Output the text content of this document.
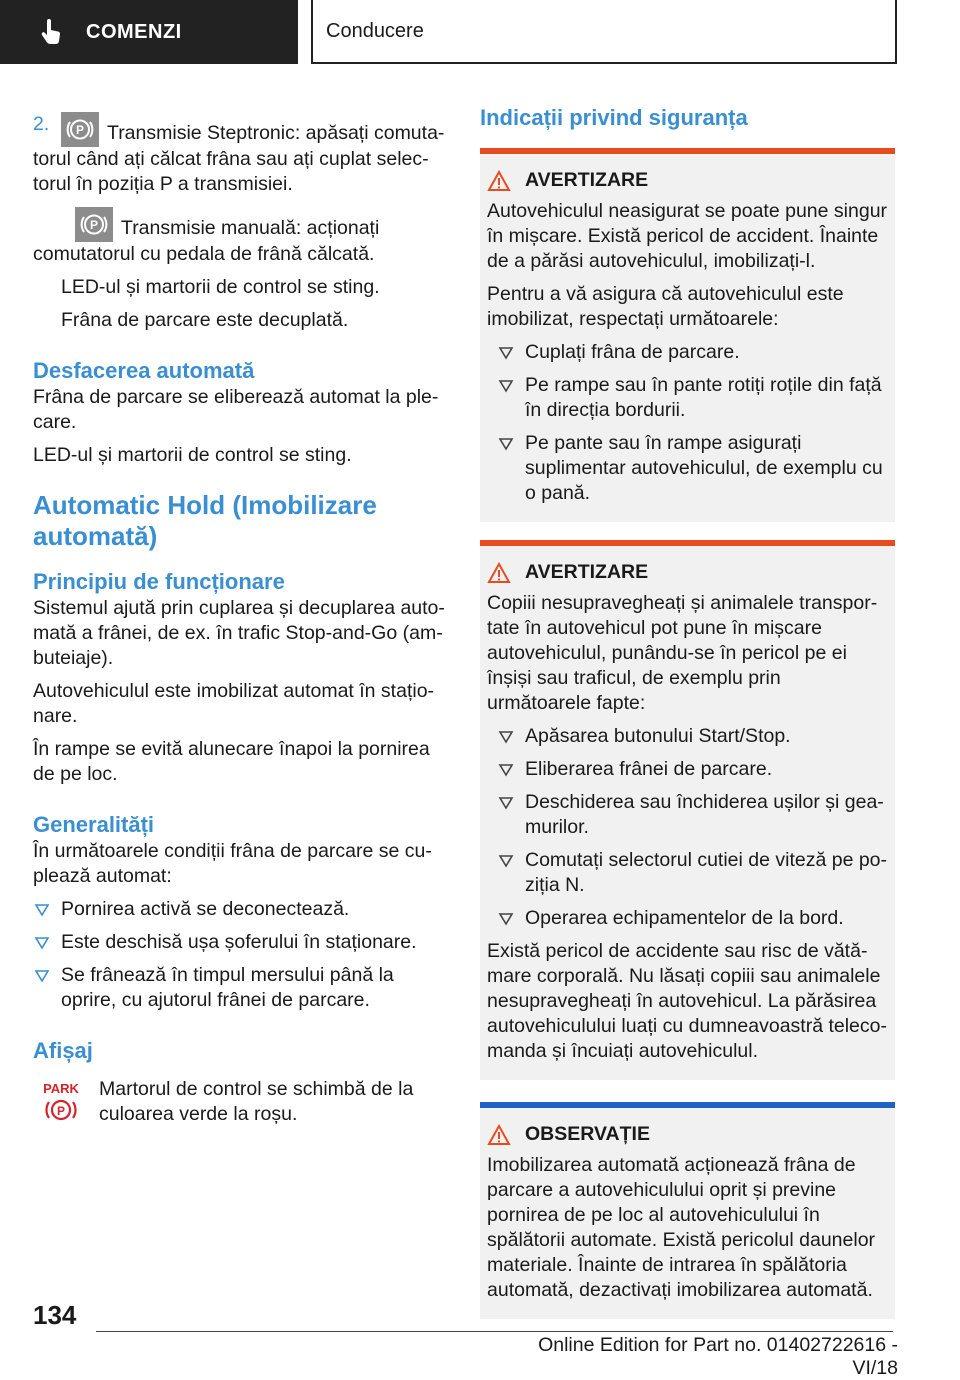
COMENZI	Conducere
2. P Transmisie Steptronic: apăsați comutatorul când ați călcat frâna sau ați cuplat selectorul în poziția P a transmisiei.

P Transmisie manuală: acționați comutatorul cu pedala de frână călcată.

LED-ul și martorii de control se sting.

Frâna de parcare este decuplată.

Desfacerea automată

Frâna de parcare se eliberează automat la plecare.

LED-ul și martorii de control se sting.

Automatic Hold (Imobilizare automată)
Principiu de funcționare

Sistemul ajută prin cuplarea și decuplarea automată a frânei, de ex. în trafic Stop-and-Go (ambuteiaje).

Autovehiculul este imobilizat automat în staționare.

În rampe se evită alunecare înapoi la pornirea de pe loc.

Generalități

În următoarele condiții frâna de parcare se cuplează automat:

Pornirea activă se deconectează.
Este deschisă ușa șoferului în staționare.
Se frânează în timpul mersului până la oprire, cu ajutorul frânei de parcare.
Afișaj
PARK
P

Martorul de control se schimbă de la culoarea verde la roșu.

Indicații privind siguranța
AVERTIZARE

Autovehiculul neasigurat se poate pune singur în mișcare. Există pericol de accident. Înainte de a părăsi autovehiculul, imobilizați-l.

Pentru a vă asigura că autovehiculul este imobilizat, respectați următoarele:

Cuplați frâna de parcare.
Pe rampe sau în pante rotiți roțile din față în direcția bordurii.
Pe pante sau în rampe asigurați suplimentar autovehiculul, de exemplu cu o pană.
AVERTIZARE

Copiii nesupravegheați și animalele transportate în autovehicul pot pune în mișcare autovehiculul, punându-se în pericol pe ei înșiși sau traficul, de exemplu prin următoarele fapte:

Apăsarea butonului Start/Stop.
Eliberarea frânei de parcare.
Deschiderea sau închiderea ușilor și geamurilor.
Comutați selectorul cutiei de viteză pe poziția N.
Operarea echipamentelor de la bord.

Există pericol de accidente sau risc de vătămare corporală. Nu lăsați copiii sau animalele nesupravegheați în autovehicul. La părăsirea autovehiculului luați cu dumneavoastră telecomanda și încuiați autovehiculul.

OBSERVAȚIE

Imobilizarea automată acționează frâna de parcare a autovehiculului oprit și previne pornirea de pe loc al autovehiculului în spălătorii automate. Există pericolul daunelor materiale. Înainte de intrarea în spălătoria automată, dezactivați imobilizarea automată.

134
Online Edition for Part no. 01402722616 - VI/18
